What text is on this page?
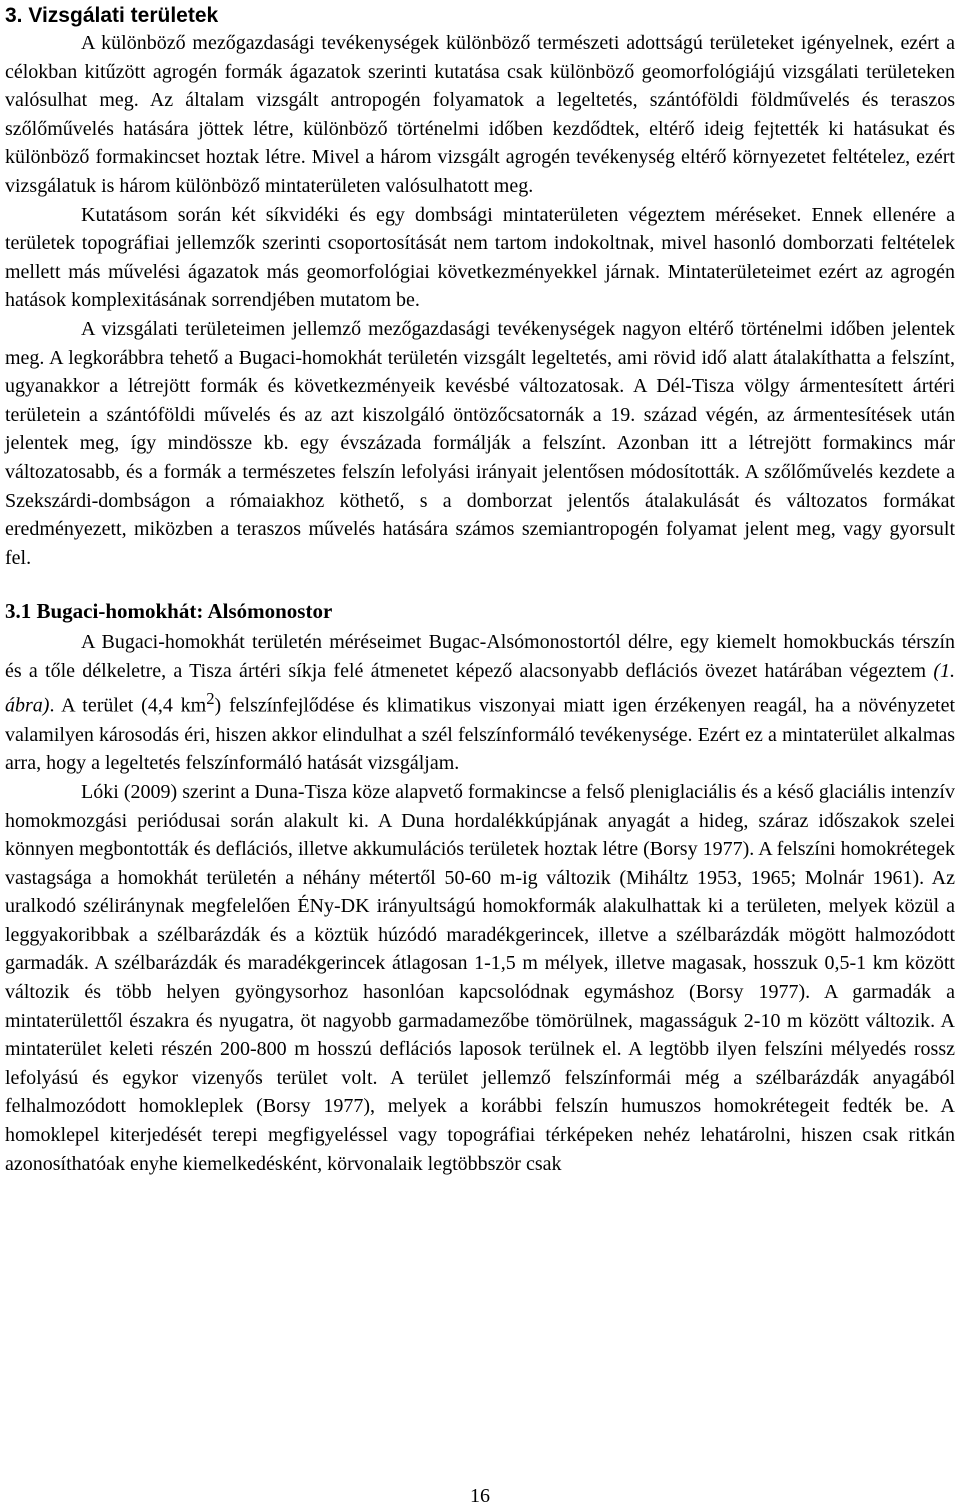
3. Vizsgálati területek

A különböző mezőgazdasági tevékenységek különböző természeti adottságú területeket igényelnek, ezért a célokban kitűzött agrogén formák ágazatok szerinti kutatása csak különböző geomorfológiájú vizsgálati területeken valósulhat meg. Az általam vizsgált antropogén folyamatok a legeltetés, szántóföldi földművelés és teraszos szőlőművelés hatására jöttek létre, különböző történelmi időben kezdődtek, eltérő ideig fejtették ki hatásukat és különböző formakincset hoztak létre. Mivel a három vizsgált agrogén tevékenység eltérő környezetet feltételez, ezért vizsgálatuk is három különböző mintaterületen valósulhatott meg.

Kutatásom során két síkvidéki és egy dombsági mintaterületen végeztem méréseket. Ennek ellenére a területek topográfiai jellemzők szerinti csoportosítását nem tartom indokoltnak, mivel hasonló domborzati feltételek mellett más művelési ágazatok más geomorfológiai következményekkel járnak. Mintaterületeimet ezért az agrogén hatások komplexitásának sorrendjében mutatom be.

A vizsgálati területeimen jellemző mezőgazdasági tevékenységek nagyon eltérő történelmi időben jelentek meg. A legkorábbra tehető a Bugaci-homokhát területén vizsgált legeltetés, ami rövid idő alatt átalakíthatta a felszínt, ugyanakkor a létrejött formák és következményeik kevésbé változatosak. A Dél-Tisza völgy ármentesített ártéri területein a szántóföldi művelés és az azt kiszolgáló öntözőcsatornák a 19. század végén, az ármentesítések után jelentek meg, így mindössze kb. egy évszázada formálják a felszínt. Azonban itt a létrejött formakincs már változatosabb, és a formák a természetes felszín lefolyási irányait jelentősen módosították. A szőlőművelés kezdete a Szekszárdi-dombságon a rómaiakhoz köthető, s a domborzat jelentős átalakulását és változatos formákat eredményezett, miközben a teraszos művelés hatására számos szemiantropogén folyamat jelent meg, vagy gyorsult fel.

3.1 Bugaci-homokhát: Alsómonostor

A Bugaci-homokhát területén méréseimet Bugac-Alsómonostortól délre, egy kiemelt homokbuckás térszín és a tőle délkeletre, a Tisza ártéri síkja felé átmenetet képező alacsonyabb deflációs övezet határában végeztem (1. ábra). A terület (4,4 $km^2$) felszínfejlődése és klimatikus viszonyai miatt igen érzékenyen reagál, ha a növényzetet valamilyen károsodás éri, hiszen akkor elindulhat a szél felszínformáló tevékenysége. Ezért ez a mintaterület alkalmas arra, hogy a legeltetés felszínformáló hatását vizsgáljam.

Lóki (2009) szerint a Duna-Tisza köze alapvető formakincse a felső pleniglaciális és a késő glaciális intenzív homokmozgási periódusai során alakult ki. A Duna hordalékkúpjának anyagát a hideg, száraz időszakok szelei könnyen megbontották és deflációs, illetve akkumulációs területek hoztak létre (Borsy 1977). A felszíni homokrétegek vastagsága a homokhát területén a néhány métertől 50-60 m-ig változik (Miháltz 1953, 1965; Molnár 1961). Az uralkodó széliránynak megfelelően ÉNy-DK irányultságú homokformák alakulhattak ki a területen, melyek közül a leggyakoribbak a szélbarázdák és a köztük húzódó maradékgerincek, illetve a szélbarázdák mögött halmozódott garmadák. A szélbarázdák és maradékgerincek átlagosan 1-1,5 m mélyek, illetve magasak, hosszuk 0,5-1 km között változik és több helyen gyöngysorhoz hasonlóan kapcsolódnak egymáshoz (Borsy 1977). A garmadák a mintaterülettől északra és nyugatra, öt nagyobb garmadamezőbe tömörülnek, magasságuk 2-10 m között változik. A mintaterület keleti részén 200-800 m hosszú deflációs laposok terülnek el. A legtöbb ilyen felszíni mélyedés rossz lefolyású és egykor vizenyős terület volt. A terület jellemző felszínformái még a szélbarázdák anyagából felhalmozódott homokleplek (Borsy 1977), melyek a korábbi felszín humuszos homokrétegeit fedték be. A homoklepel kiterjedését terepi megfigyeléssel vagy topográfiai térképeken nehéz lehatárolni, hiszen csak ritkán azonosíthatóak enyhe kiemelkedésként, körvonalaik legtöbbször csak

16
